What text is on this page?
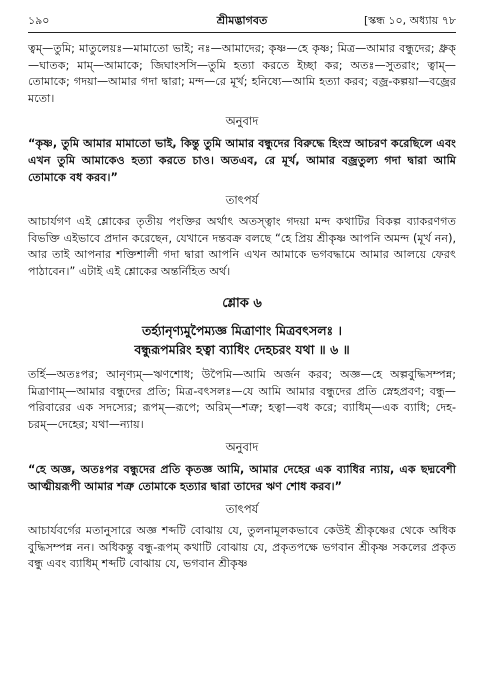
১৯০	শ্রীমদ্ভাগবত	[স্কন্ধ ১০, অধ্যায় ৭৮

ত্বম্—তুমি; মাতুলেয়ঃ—মামাতো ভাই; নঃ—আমাদের; কৃষ্ণ—হে কৃষ্ণ; মিত্র—আমার বন্ধুদের; ধ্রুক্—ঘাতক; মাম্—আমাকে; জিঘাংসসি—তুমি হত্যা করতে ইচ্ছা কর; অতঃ—সুতরাং; ত্বাম্—তোমাকে; গদয়া—আমার গদা দ্বারা; মন্দ—রে মূর্খ; হনিষ্যে—আমি হত্যা করব; বজ্র-কল্পয়া—বজ্রের মতো।

অনুবাদ

“কৃষ্ণ, তুমি আমার মামাতো ভাই, কিন্তু তুমি আমার বন্ধুদের বিরুদ্ধে হিংস্র আচরণ করেছিলে এবং এখন তুমি আমাকেও হত্যা করতে চাও। অতএব, রে মূর্খ, আমার বজ্রতুল্য গদা দ্বারা আমি তোমাকে বধ করব।”

তাৎপর্য

আচার্যগণ এই শ্লোকের তৃতীয় পংক্তির অর্থাৎ অতস্ত্বাং গদয়া মন্দ কথাটির বিকল্প ব্যাকরণগত বিভক্তি এইভাবে প্রদান করেছেন, যেখানে দন্তবক্র বলছে “হে প্রিয় শ্রীকৃষ্ণ আপনি অমন্দ (মূর্খ নন), আর তাই আপনার শক্তিশালী গদা দ্বারা আপনি এখন আমাকে ভগবদ্ধামে আমার আলয়ে ফেরৎ পাঠাবেন।” এটাই এই শ্লোকের অন্তর্নিহিত অর্থ।

শ্লোক ৬
তর্হ্যানৃণ্যমুপৈম্যজ্ঞ মিত্রাণাং মিত্রবৎসলঃ ।
বন্ধুরূপমরিং হত্বা ব্যাধিং দেহচরং যথা ॥ ৬ ॥

তর্হি—অতঃপর; আনৃণ্যম্—ঋণশোধ; উপৈমি—আমি অর্জন করব; অজ্ঞ—হে অল্পবুদ্ধিসম্পন্ন; মিত্রাণাম্—আমার বন্ধুদের প্রতি; মিত্র-বৎসলঃ—যে আমি আমার বন্ধুদের প্রতি স্নেহপ্রবণ; বন্ধু—পরিবারের এক সদস্যের; রূপম্—রূপে; অরিম্—শত্রু; হত্বা—বধ করে; ব্যাধিম্—এক ব্যাধি; দেহ-চরম্—দেহের; যথা—ন্যায়।

অনুবাদ

“হে অজ্ঞ, অতঃপর বন্ধুদের প্রতি কৃতজ্ঞ আমি, আমার দেহের এক ব্যাধির ন্যায়, এক ছদ্মবেশী আত্মীয়রূপী আমার শত্রু তোমাকে হত্যার দ্বারা তাদের ঋণ শোধ করব।”

তাৎপর্য

আচার্যবর্গের মতানুসারে অজ্ঞ শব্দটি বোঝায় যে, তুলনামূলকভাবে কেউই শ্রীকৃষ্ণের থেকে অধিক বুদ্ধিসম্পন্ন নন। অধিকন্তু বন্ধু-রূপম্ কথাটি বোঝায় যে, প্রকৃতপক্ষে ভগবান শ্রীকৃষ্ণ সকলের প্রকৃত বন্ধু এবং ব্যাধিম্ শব্দটি বোঝায় যে, ভগবান শ্রীকৃষ্ণ
